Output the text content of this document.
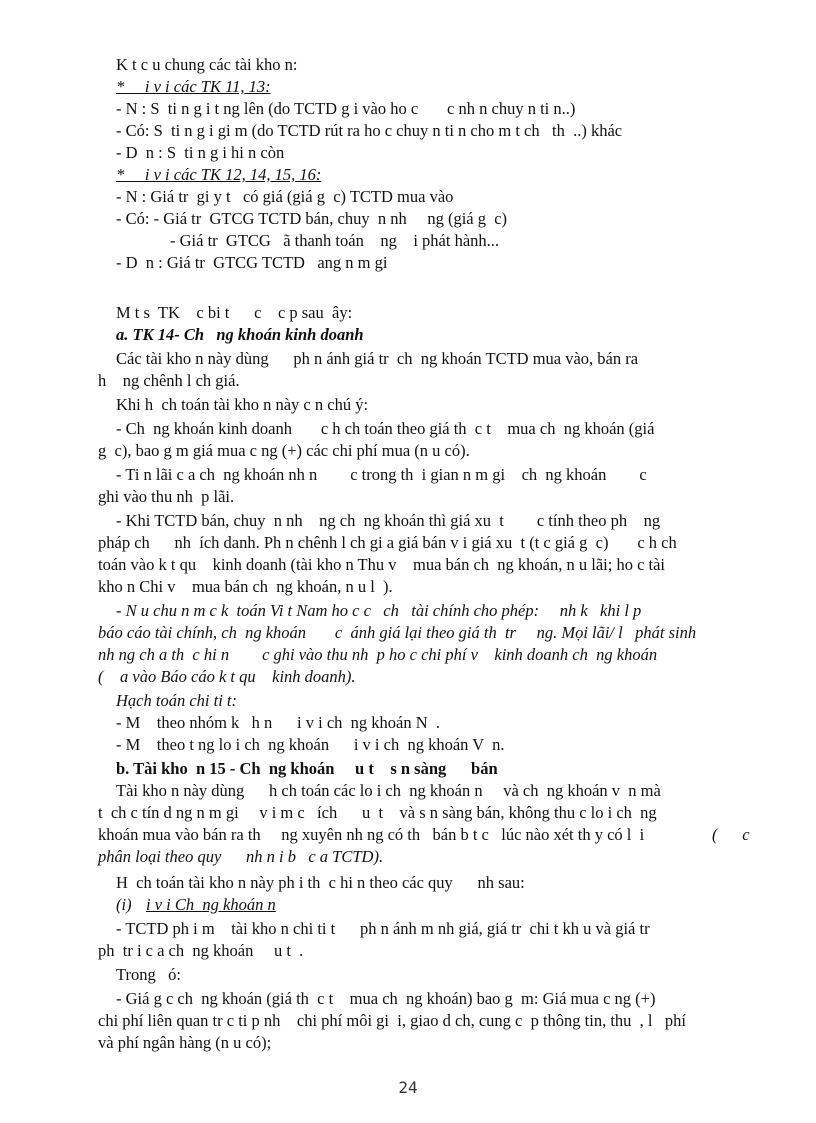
K t c u chung các tài kho n:
*     i v i các TK 11, 13:
- N : S  ti n g i t ng lên (do TCTD g i vào ho c       c nh n chuy n ti n..)
- Có: S  ti n g i gi m (do TCTD rút ra ho c chuy n ti n cho m t ch   th  ..) khác
- D  n : S  ti n g i hi n còn
*     i v i các TK 12, 14, 15, 16:
- N : Giá tr  gi y t   có giá (giá g  c) TCTD mua vào
- Có: - Giá tr  GTCG TCTD bán, chuy  n nh     ng (giá g  c)
- Giá tr  GTCG   ã thanh toán    ng    i phát hành...
- D  n : Giá tr  GTCG TCTD   ang n m gi
M t s  TK    c bi t      c    c p sau  ây:
a. TK 14- Ch   ng khoán kinh doanh
Các tài kho n này dùng      ph n ánh giá tr  ch  ng khoán TCTD mua vào, bán ra
h    ng chênh l ch giá.
Khi h  ch toán tài kho n này c n chú ý:
- Ch  ng khoán kinh doanh       c h ch toán theo giá th  c t    mua ch  ng khoán (giá
g  c), bao g m giá mua c ng (+) các chi phí mua (n u có).
- Ti n lãi c a ch  ng khoán nh n        c trong th  i gian n m gi    ch  ng khoán        c
ghi vào thu nh  p lãi.
- Khi TCTD bán, chuy  n nh    ng ch  ng khoán thì giá xu  t        c tính theo ph    ng
pháp ch      nh  ích danh. Ph n chênh l ch gi a giá bán v i giá xu  t (t c giá g  c)       c h ch
toán vào k t qu    kinh doanh (tài kho n Thu v    mua bán ch  ng khoán, n u lãi; ho c tài
kho n Chi v    mua bán ch  ng khoán, n u l  ).
- N u chu n m c k  toán Vi t Nam ho c c   ch   tài chính cho phép:     nh k   khi l p
báo cáo tài chính, ch  ng khoán       c  ánh giá lại theo giá th  tr     ng. Mọi lãi/ l   phát sinh
nh ng ch a th  c hi n        c ghi vào thu nh  p ho c chi phí v    kinh doanh ch  ng khoán
(    a vào Báo cáo k t qu    kinh doanh).
Hạch toán chi ti t:
- M    theo nhóm k   h n      i v i ch  ng khoán N  .
- M    theo t ng lo i ch  ng khoán      i v i ch  ng khoán V  n.
b. Tài kho  n 15 - Ch  ng khoán     u t    s n sàng      bán
Tài kho n này dùng      h ch toán các lo i ch  ng khoán n     và ch  ng khoán v  n mà
t  ch c tín d ng n m gi     v i m c   ích      u  t    và s n sàng bán, không thu c lo i ch  ng
khoán mua vào bán ra th     ng xuyên nh ng có th   bán b t c   lúc nào xét th y có l  i	(      c
phân loại theo quy      nh n i b   c a TCTD).
H  ch toán tài kho n này ph i th  c hi n theo các quy      nh sau:
(i) i v i Ch  ng khoán n
- TCTD ph i m    tài kho n chi ti t      ph n ánh m nh giá, giá tr  chi t kh u và giá tr
ph  tr i c a ch  ng khoán     u t  .
Trong   ó:
- Giá g c ch  ng khoán (giá th  c t    mua ch  ng khoán) bao g  m: Giá mua c ng (+)
chi phí liên quan tr c ti p nh    chi phí môi gi  i, giao d ch, cung c  p thông tin, thu  , l   phí
và phí ngân hàng (n u có);
24
